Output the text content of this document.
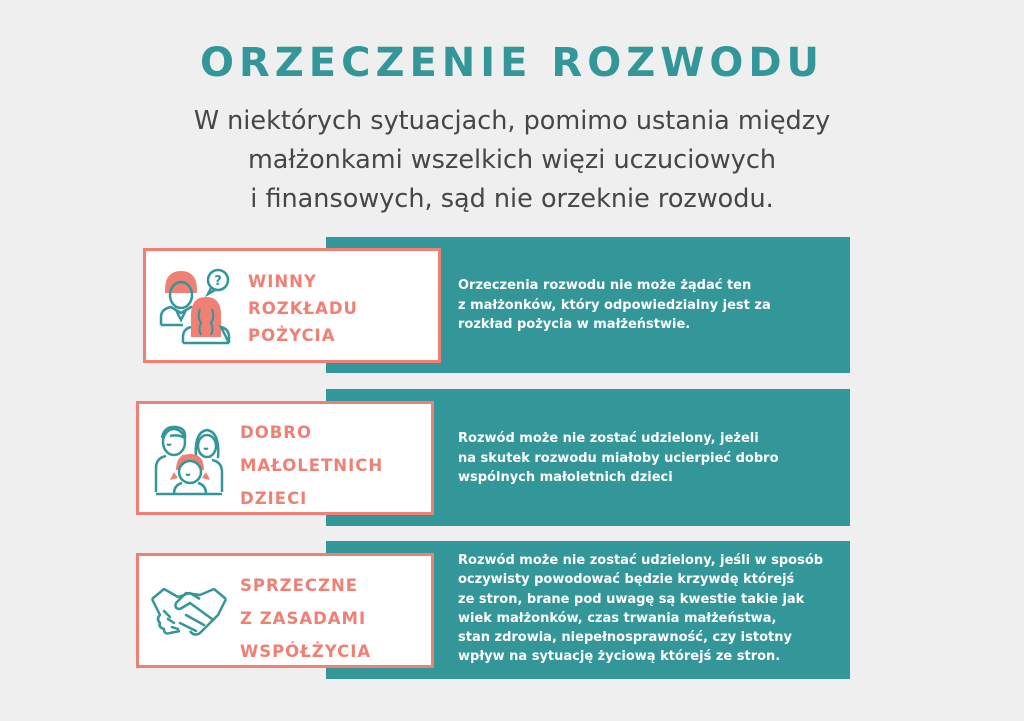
ORZECZENIE ROZWODU
W niektórych sytuacjach, pomimo ustania między
małżonkami wszelkich więzi uczuciowych
i finansowych, sąd nie orzeknie rozwodu.
Orzeczenia rozwodu nie może żądać ten
z małżonków, który odpowiedzialny jest za
rozkład pożycia w małżeństwie.
? WINNY
ROZKŁADU
POŻYCIA
Rozwód może nie zostać udzielony, jeżeli
na skutek rozwodu miałoby ucierpieć dobro
wspólnych małoletnich dzieci
DOBRO
MAŁOLETNICH
DZIECI
Rozwód może nie zostać udzielony, jeśli w sposób
oczywisty powodować będzie krzywdę którejś
ze stron, brane pod uwagę są kwestie takie jak
wiek małżonków, czas trwania małżeństwa,
stan zdrowia, niepełnosprawność, czy istotny
wpływ na sytuację życiową którejś ze stron.
SPRZECZNE
Z ZASADAMI
WSPÓŁŻYCIA
